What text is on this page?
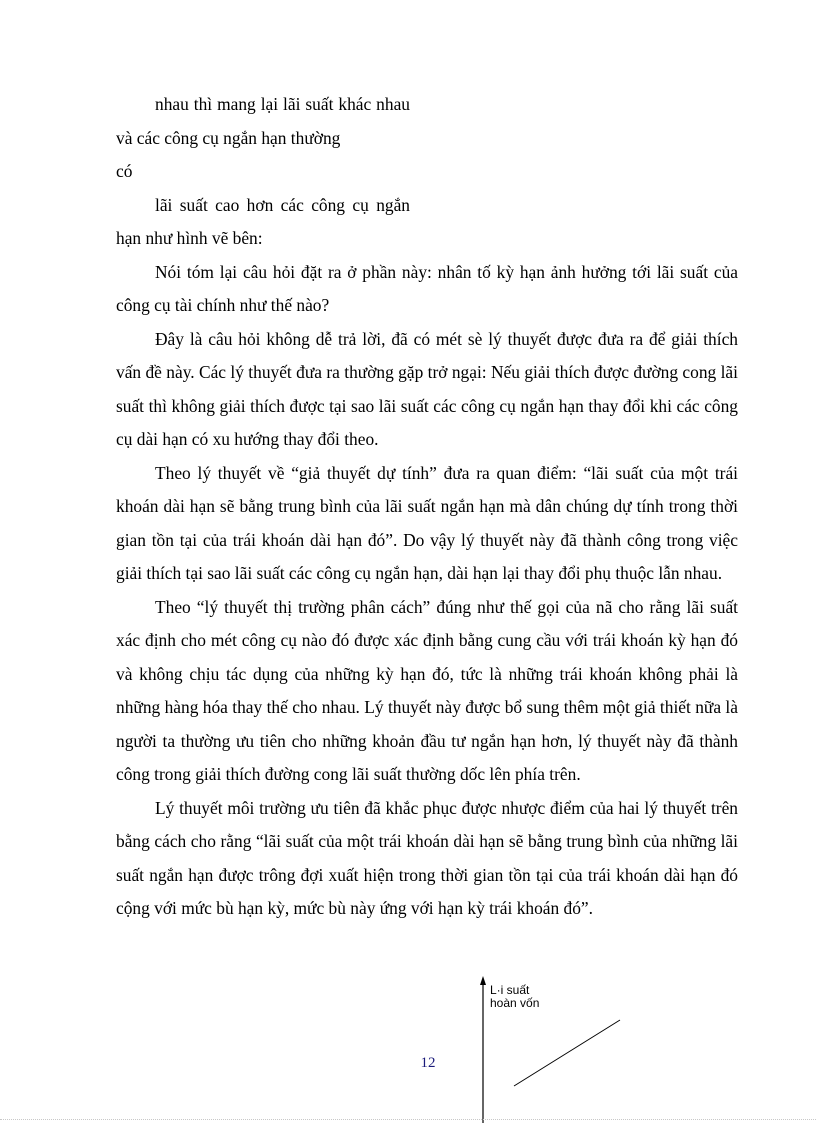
nhau thì mang lại lãi suất khác nhau và các công cụ ngắn hạn thường

có

lãi suất cao hơn các công cụ ngắn hạn như hình vẽ bên:

Nói tóm lại câu hỏi đặt ra ở phần này: nhân tố kỳ hạn ảnh hưởng tới lãi suất của công cụ tài chính như thế nào?

Đây là câu hỏi không dễ trả lời, đã có mét sè lý thuyết được đưa ra để giải thích vấn đề này. Các lý thuyết đưa ra thường gặp trở ngại: Nếu giải thích được đường cong lãi suất thì không giải thích được tại sao lãi suất các công cụ ngắn hạn thay đổi khi các công cụ dài hạn có xu hướng thay đổi theo.

Theo lý thuyết về “giả thuyết dự tính” đưa ra quan điểm: “lãi suất của một trái khoán dài hạn sẽ bằng trung bình của lãi suất ngắn hạn mà dân chúng dự tính trong thời gian tồn tại của trái khoán dài hạn đó”. Do vậy lý thuyết này đã thành công trong việc giải thích tại sao lãi suất các công cụ ngắn hạn, dài hạn lại thay đổi phụ thuộc lẫn nhau.

Theo “lý thuyết thị trường phân cách” đúng như thế gọi của nã cho rằng lãi suất xác định cho mét công cụ nào đó được xác định bằng cung cầu với trái khoán kỳ hạn đó và không chịu tác dụng của những kỳ hạn đó, tức là những trái khoán không phải là những hàng hóa thay thế cho nhau. Lý thuyết này được bổ sung thêm một giả thiết nữa là người ta thường ưu tiên cho những khoản đầu tư ngắn hạn hơn, lý thuyết này đã thành công trong giải thích đường cong lãi suất thường dốc lên phía trên.

Lý thuyết môi trường ưu tiên đã khắc phục được nhược điểm của hai lý thuyết trên bằng cách cho rằng “lãi suất của một trái khoán dài hạn sẽ bằng trung bình của những lãi suất ngắn hạn được trông đợi xuất hiện trong thời gian tồn tại của trái khoán dài hạn đó cộng với mức bù hạn kỳ, mức bù này ứng với hạn kỳ trái khoán đó”.

12
L·i suất
hoàn vốn
